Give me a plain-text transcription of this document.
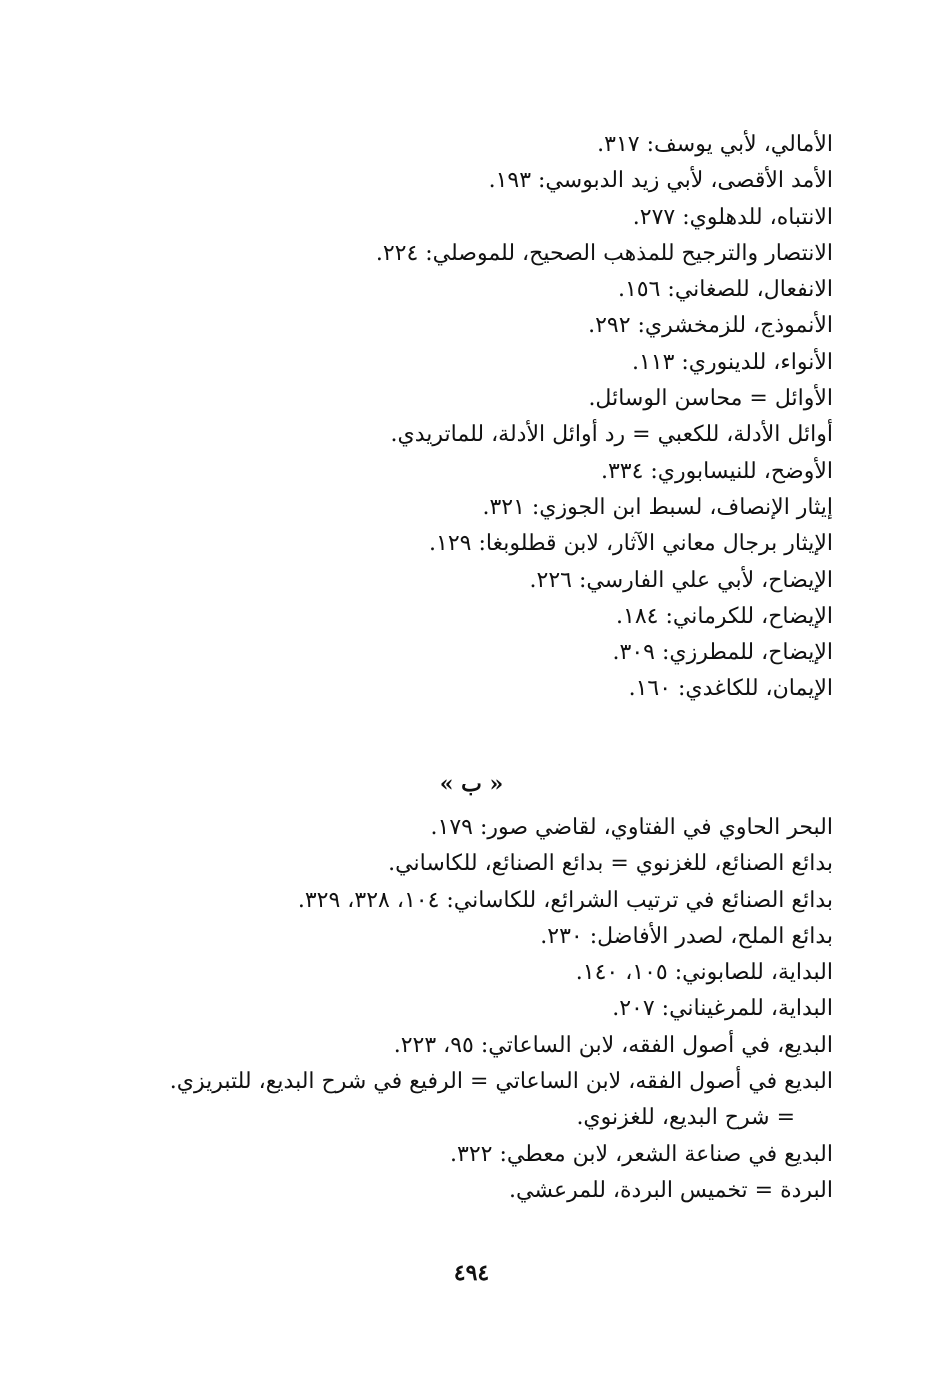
الأمالي، لأبي يوسف: ٣١٧.
الأمد الأقصى، لأبي زيد الدبوسي: ١٩٣.
الانتباه، للدهلوي: ٢٧٧.
الانتصار والترجيح للمذهب الصحيح، للموصلي: ٢٢٤.
الانفعال، للصغاني: ١٥٦.
الأنموذج، للزمخشري: ٢٩٢.
الأنواء، للدينوري: ١١٣.
الأوائل = محاسن الوسائل.
أوائل الأدلة، للكعبي = رد أوائل الأدلة، للماتريدي.
الأوضح، للنيسابوري: ٣٣٤.
إيثار الإنصاف، لسبط ابن الجوزي: ٣٢١.
الإيثار برجال معاني الآثار، لابن قطلوبغا: ١٢٩.
الإيضاح، لأبي علي الفارسي: ٢٢٦.
الإيضاح، للكرماني: ١٨٤.
الإيضاح، للمطرزي: ٣٠٩.
الإيمان، للكاغدي: ١٦٠.
« ب »
البحر الحاوي في الفتاوي، لقاضي صور: ١٧٩.
بدائع الصنائع، للغزنوي = بدائع الصنائع، للكاساني.
بدائع الصنائع في ترتيب الشرائع، للكاساني: ١٠٤، ٣٢٨، ٣٢٩.
بدائع الملح، لصدر الأفاضل: ٢٣٠.
البداية، للصابوني: ١٠٥، ١٤٠.
البداية، للمرغيناني: ٢٠٧.
البديع، في أصول الفقه، لابن الساعاتي: ٩٥، ٢٢٣.
البديع في أصول الفقه، لابن الساعاتي = الرفيع في شرح البديع، للتبريزي.
= شرح البديع، للغزنوي.
البديع في صناعة الشعر، لابن معطي: ٣٢٢.
البردة = تخميس البردة، للمرعشي.
٤٩٤
